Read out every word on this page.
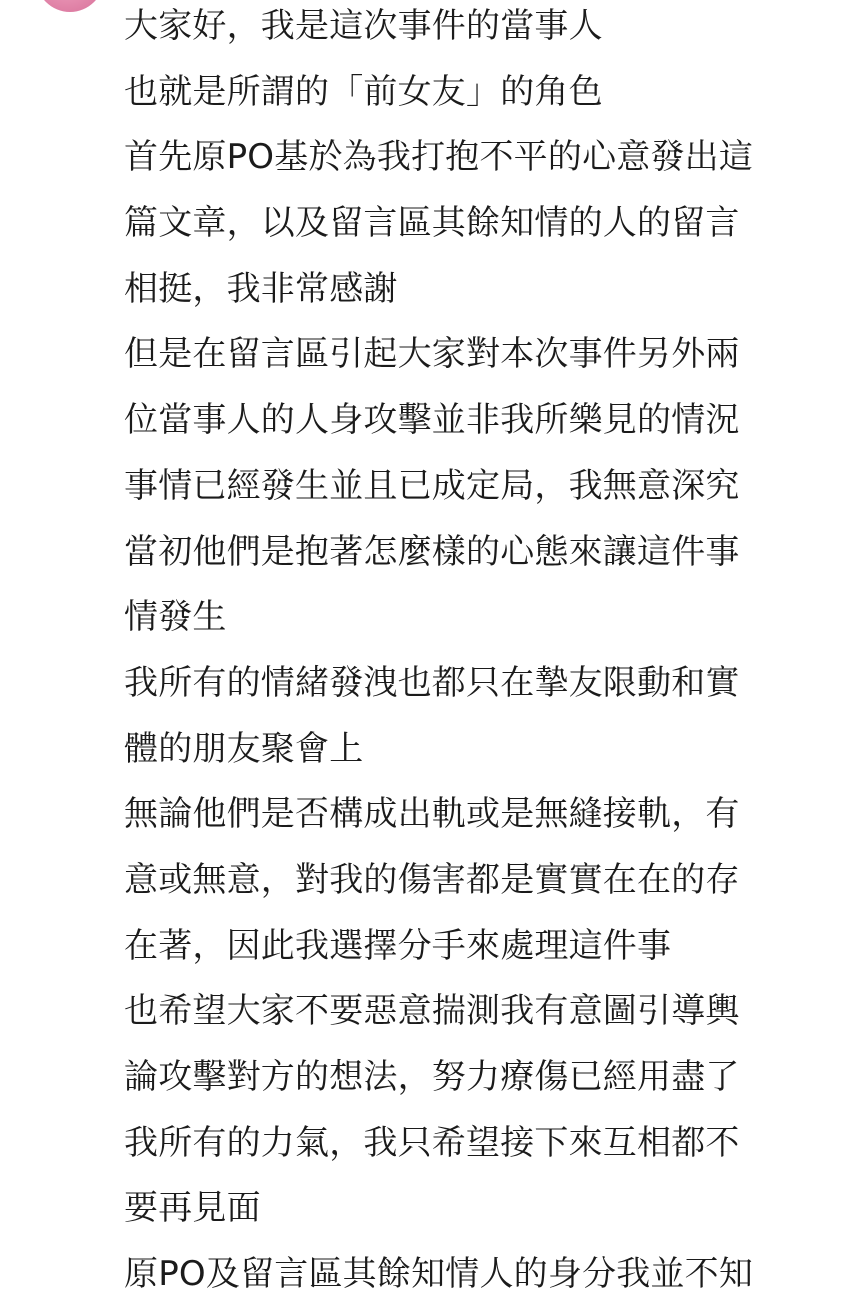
大家好，我是這次事件的當事人
也就是所謂的「前女友」的角色
首先原PO基於為我打抱不平的心意發出這
篇文章，以及留言區其餘知情的人的留言
相挺，我非常感謝
但是在留言區引起大家對本次事件另外兩
位當事人的人身攻擊並非我所樂見的情況
事情已經發生並且已成定局，我無意深究
當初他們是抱著怎麼樣的心態來讓這件事
情發生
我所有的情緒發洩也都只在摯友限動和實
體的朋友聚會上
無論他們是否構成出軌或是無縫接軌，有
意或無意，對我的傷害都是實實在在的存
在著，因此我選擇分手來處理這件事
也希望大家不要惡意揣測我有意圖引導輿
論攻擊對方的想法，努力療傷已經用盡了
我所有的力氣，我只希望接下來互相都不
要再見面
原PO及留言區其餘知情人的身分我並不知
